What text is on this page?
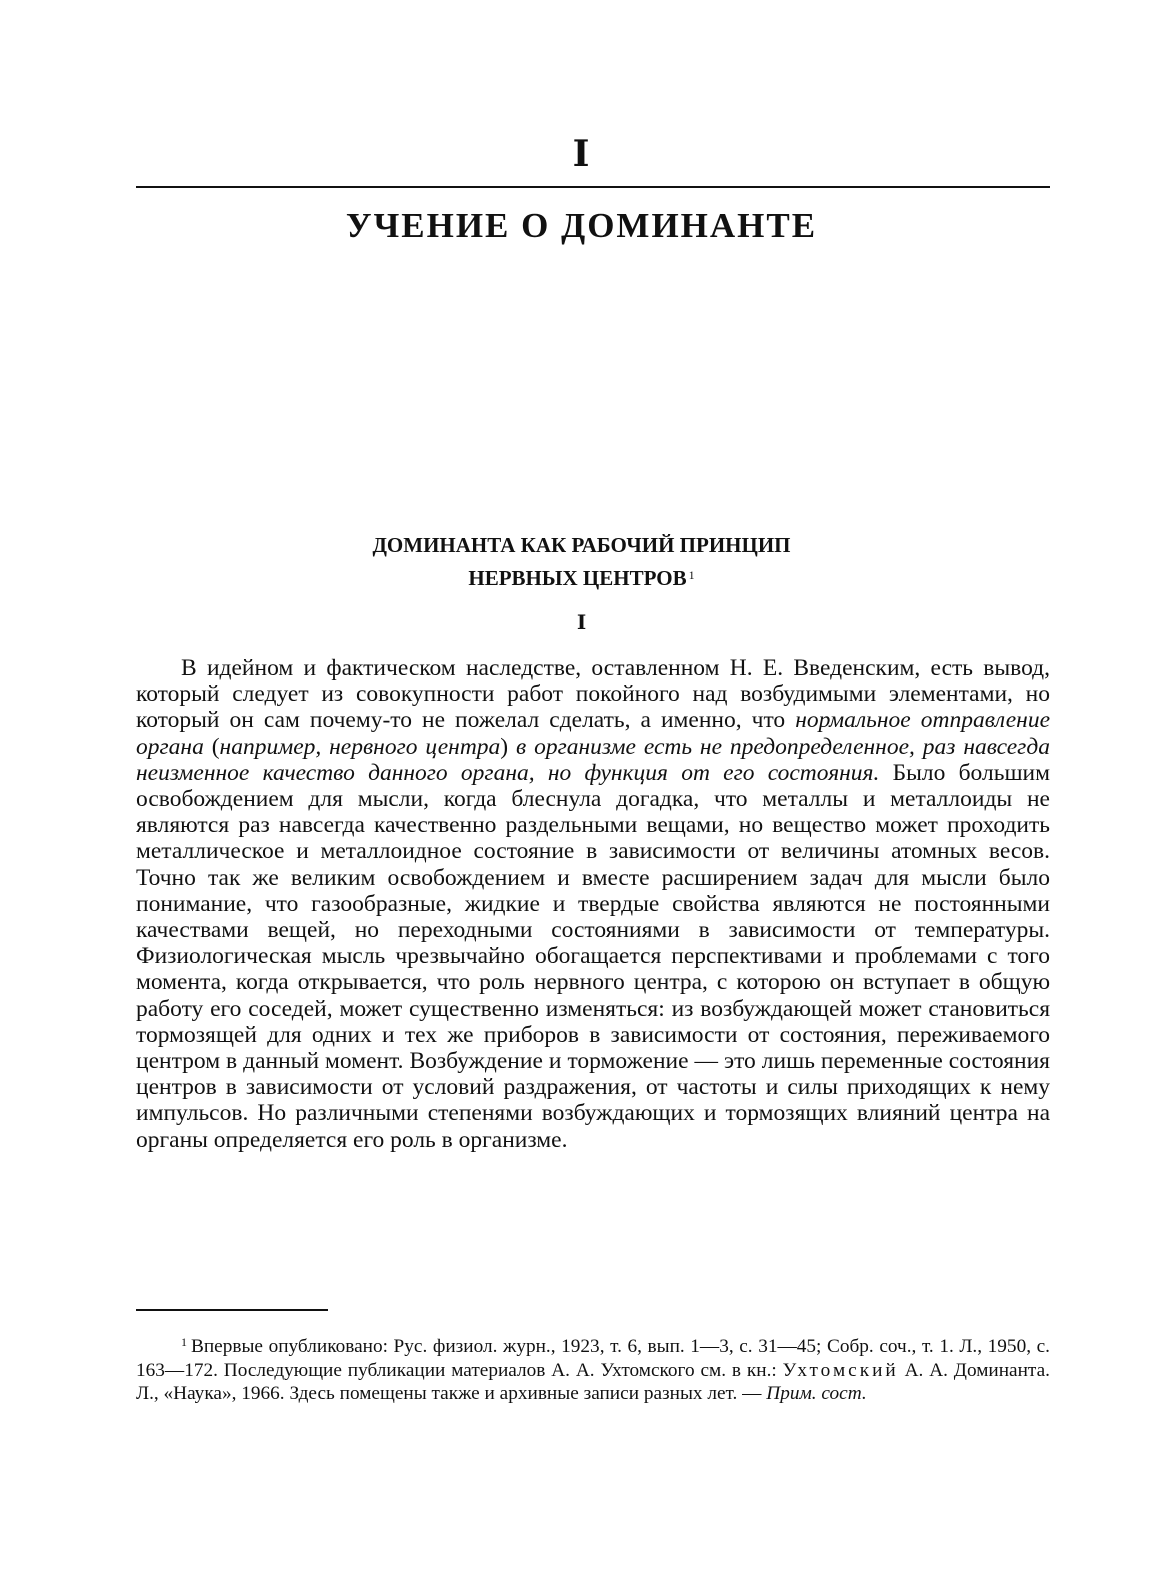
I
УЧЕНИЕ О ДОМИНАНТЕ
ДОМИНАНТА КАК РАБОЧИЙ ПРИНЦИП
НЕРВНЫХ ЦЕНТРОВ $^1$
I

В идейном и фактическом наследстве, оставленном Н. Е. Введенским, есть вывод, который следует из совокупности работ покойного над возбудимыми элементами, но который он сам почему-то не пожелал сделать, а именно, что нормальное отправление органа (например, нервного центра) в организме есть не предопределенное, раз навсегда неизменное качество данного органа, но функция от его состояния. Было большим освобождением для мысли, когда блеснула догадка, что металлы и металлоиды не являются раз навсегда качественно раздельными вещами, но вещество может проходить металлическое и металлоидное состояние в зависимости от величины атомных весов. Точно так же великим освобождением и вместе расширением задач для мысли было понимание, что газообразные, жидкие и твердые свойства являются не постоянными качествами вещей, но переходными состояниями в зависимости от температуры. Физиологическая мысль чрезвычайно обогащается перспективами и проблемами с того момента, когда открывается, что роль нервного центра, с которою он вступает в общую работу его соседей, может существенно изменяться: из возбуждающей может становиться тормозящей для одних и тех же приборов в зависимости от состояния, переживаемого центром в данный момент. Возбуждение и торможение — это лишь переменные состояния центров в зависимости от условий раздражения, от частоты и силы приходящих к нему импульсов. Но различными степенями возбуждающих и тормозящих влияний центра на органы определяется его роль в организме.

$^1$ Впервые опубликовано: Рус. физиол. журн., 1923, т. 6, вып. 1—3, с. 31—45; Собр. соч., т. 1. Л., 1950, с. 163—172. Последующие публикации материалов А. А. Ухтомского см. в кн.: Ухтомский А. А. Доминанта. Л., «Наука», 1966. Здесь помещены также и архивные записи разных лет. — Прим. сост.
